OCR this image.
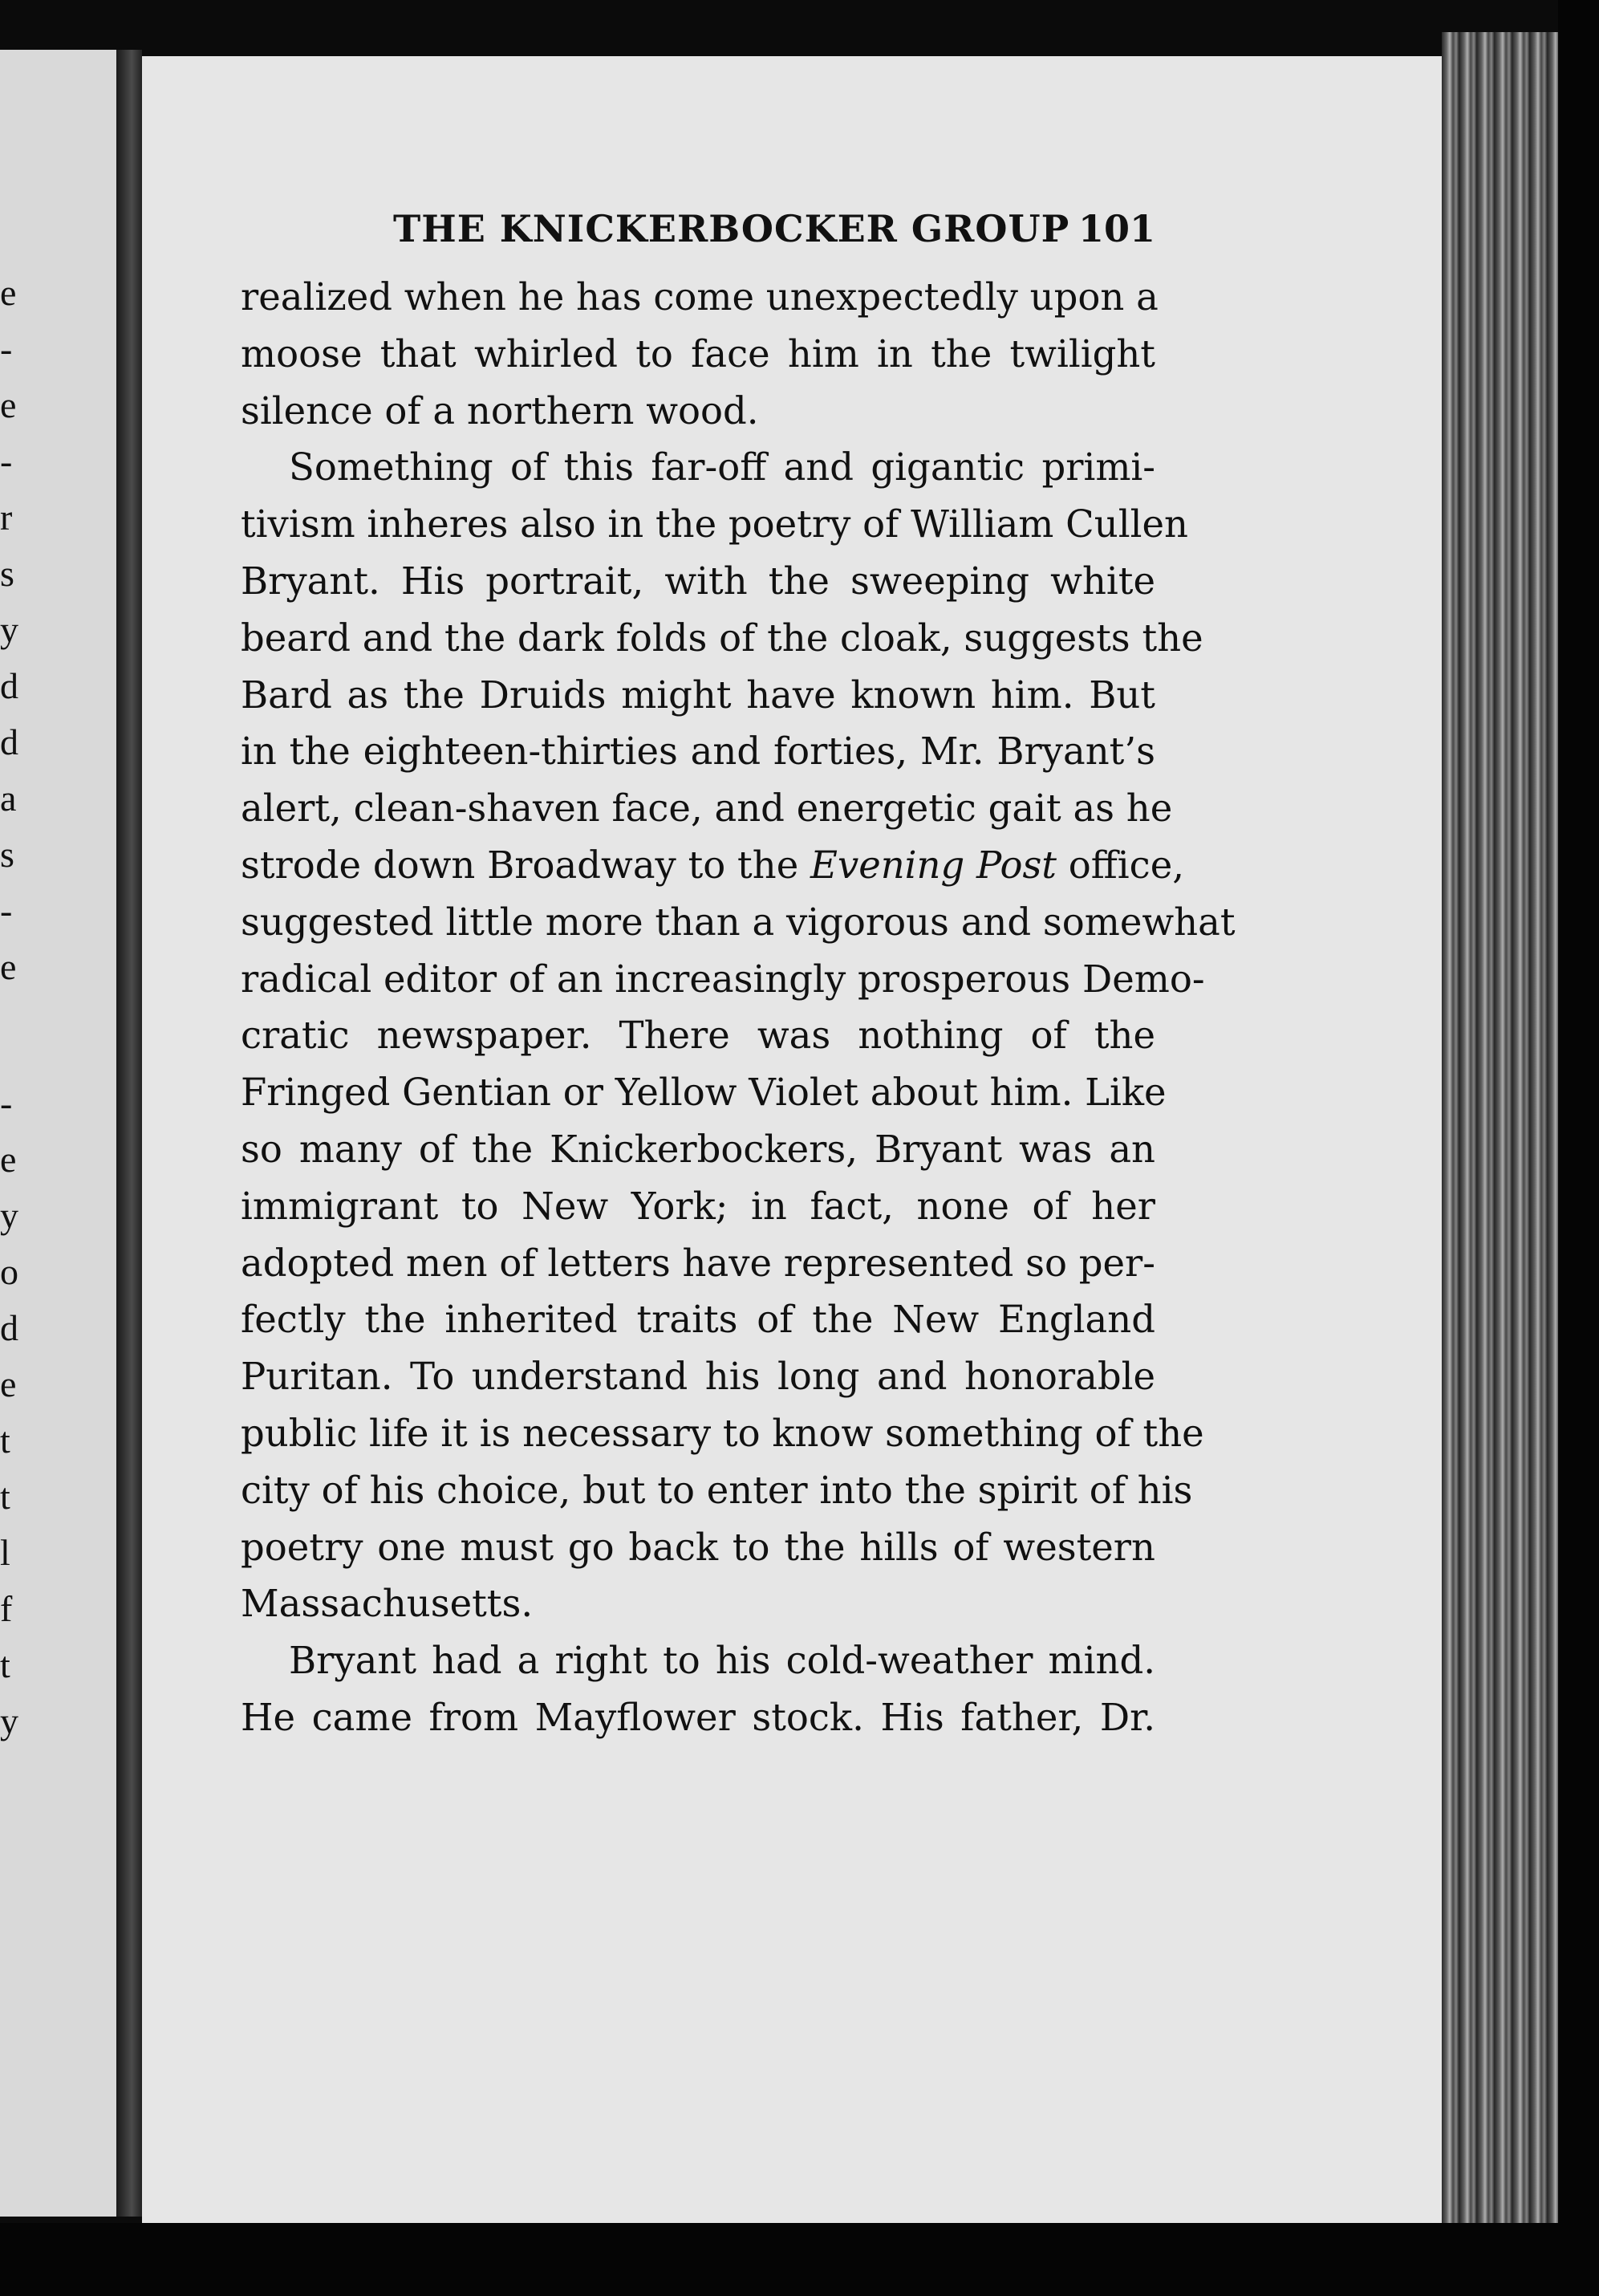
e
-
e
-
r
s
y
d
d
a
s
-
e
-
e
y
o
d
e
t
t
l
f
t
y
THE KNICKERBOCKER GROUP 101
realized when he has come unexpectedly upon a
moose that whirled to face him in the twilight
silence of a northern wood.
Something of this far-off and gigantic primi-
tivism inheres also in the poetry of William Cullen
Bryant. His portrait, with the sweeping white
beard and the dark folds of the cloak, suggests the
Bard as the Druids might have known him. But
in the eighteen-thirties and forties, Mr. Bryant’s
alert, clean-shaven face, and energetic gait as he
strode down Broadway to the Evening Post office,
suggested little more than a vigorous and somewhat
radical editor of an increasingly prosperous Demo-
cratic newspaper. There was nothing of the
Fringed Gentian or Yellow Violet about him. Like
so many of the Knickerbockers, Bryant was an
immigrant to New York; in fact, none of her
adopted men of letters have represented so per-
fectly the inherited traits of the New England
Puritan. To understand his long and honorable
public life it is necessary to know something of the
city of his choice, but to enter into the spirit of his
poetry one must go back to the hills of western
Massachusetts.
Bryant had a right to his cold-weather mind.
He came from Mayflower stock. His father, Dr.
